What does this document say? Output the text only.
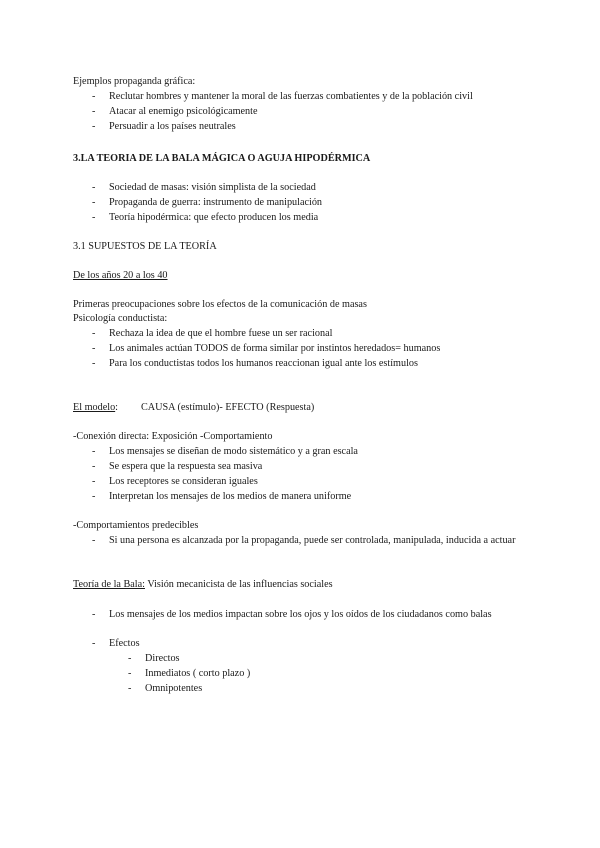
Ejemplos propaganda gráfica:
- Reclutar hombres y mantener la moral de las fuerzas combatientes y de la población civil
- Atacar al enemigo psicológicamente
- Persuadir a los países neutrales
3.LA TEORIA DE LA BALA MÁGICA O AGUJA HIPODÉRMICA
- Sociedad de masas: visión simplista de la sociedad
- Propaganda de guerra: instrumento de manipulación
- Teoría hipodérmica: que efecto producen los media
3.1 SUPUESTOS DE LA TEORÍA
De los años 20 a los 40
Primeras preocupaciones sobre los efectos de la comunicación de masas
Psicología conductista:
- Rechaza la idea de que el hombre fuese un ser racional
- Los animales actúan TODOS de forma similar por instintos heredados= humanos
- Para los conductistas todos los humanos reaccionan igual ante los estímulos
El modelo: CAUSA (estímulo)- EFECTO (Respuesta)
-Conexión directa: Exposición -Comportamiento
- Los mensajes se diseñan de modo sistemático y a gran escala
- Se espera que la respuesta sea masiva
- Los receptores se consideran iguales
- Interpretan los mensajes de los medios de manera uniforme
-Comportamientos predecibles
- Si una persona es alcanzada por la propaganda, puede ser controlada, manipulada, inducida a actuar
Teoría de la Bala: Visión mecanicista de las influencias sociales
- Los mensajes de los medios impactan sobre los ojos y los oídos de los ciudadanos como balas
- Efectos
- Directos
- Inmediatos ( corto plazo )
- Omnipotentes
